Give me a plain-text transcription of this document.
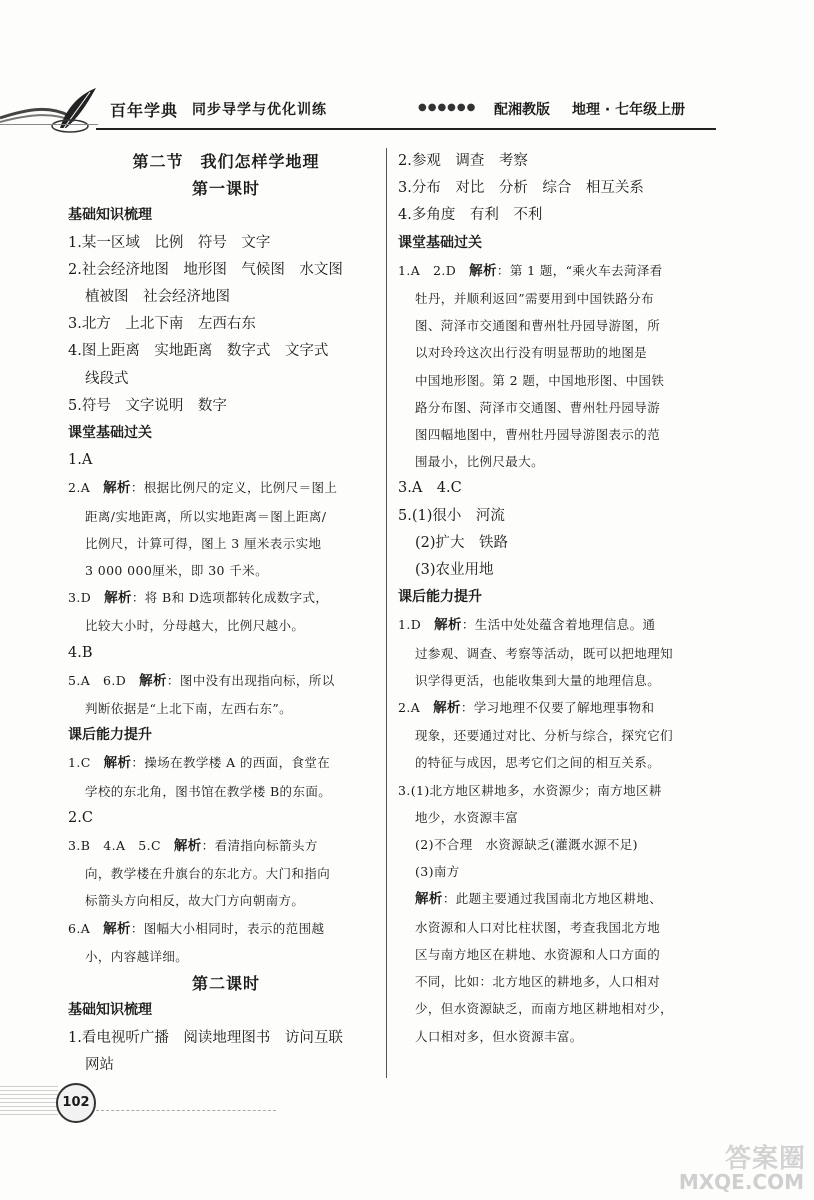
百年学典 同步导学与优化训练	●●●●●● 配湘教版 地理 · 七年级上册
第二节　我们怎样学地理
第一课时
基础知识梳理
1.某一区域　比例　符号　文字
2.社会经济地图　地形图　气候图　水文图
植被图　社会经济地图
3.北方　上北下南　左西右东
4.图上距离　实地距离　数字式　文字式
线段式
5.符号　文字说明　数字
课堂基础过关
1.A
2.A　解析：根据比例尺的定义，比例尺＝图上
距离/实地距离，所以实地距离＝图上距离/
比例尺，计算可得，图上 3 厘米表示实地
3 000 000厘米，即 30 千米。
3.D　解析：将 B和 D选项都转化成数字式，
比较大小时，分母越大，比例尺越小。
4.B
5.A　6.D　解析：图中没有出现指向标，所以
判断依据是“上北下南，左西右东”。
课后能力提升
1.C　解析：操场在教学楼 A 的西面，食堂在
学校的东北角，图书馆在教学楼 B的东面。
2.C
3.B　4.A　5.C　解析：看清指向标箭头方
向，教学楼在升旗台的东北方。大门和指向
标箭头方向相反，故大门方向朝南方。
6.A　解析：图幅大小相同时，表示的范围越
小，内容越详细。
第二课时
基础知识梳理
1.看电视听广播　阅读地理图书　访问互联
网站
2.参观　调查　考察
3.分布　对比　分析　综合　相互关系
4.多角度　有利　不利
课堂基础过关
1.A　2.D　解析：第 1 题，“乘火车去菏泽看
牡丹，并顺利返回”需要用到中国铁路分布
图、菏泽市交通图和曹州牡丹园导游图，所
以对玲玲这次出行没有明显帮助的地图是
中国地形图。第 2 题，中国地形图、中国铁
路分布图、菏泽市交通图、曹州牡丹园导游
图四幅地图中，曹州牡丹园导游图表示的范
围最小，比例尺最大。
3.A　4.C
5.(1)很小　河流
(2)扩大　铁路
(3)农业用地
课后能力提升
1.D　解析：生活中处处蕴含着地理信息。通
过参观、调查、考察等活动，既可以把地理知
识学得更活，也能收集到大量的地理信息。
2.A　解析：学习地理不仅要了解地理事物和
现象，还要通过对比、分析与综合，探究它们
的特征与成因，思考它们之间的相互关系。
3.(1)北方地区耕地多，水资源少；南方地区耕
地少，水资源丰富
(2)不合理　水资源缺乏(灌溉水源不足)
(3)南方
解析：此题主要通过我国南北方地区耕地、
水资源和人口对比柱状图，考查我国北方地
区与南方地区在耕地、水资源和人口方面的
不同，比如：北方地区的耕地多，人口相对
少，但水资源缺乏，而南方地区耕地相对少，
人口相对多，但水资源丰富。
102
答案圈
MXQE.COM
